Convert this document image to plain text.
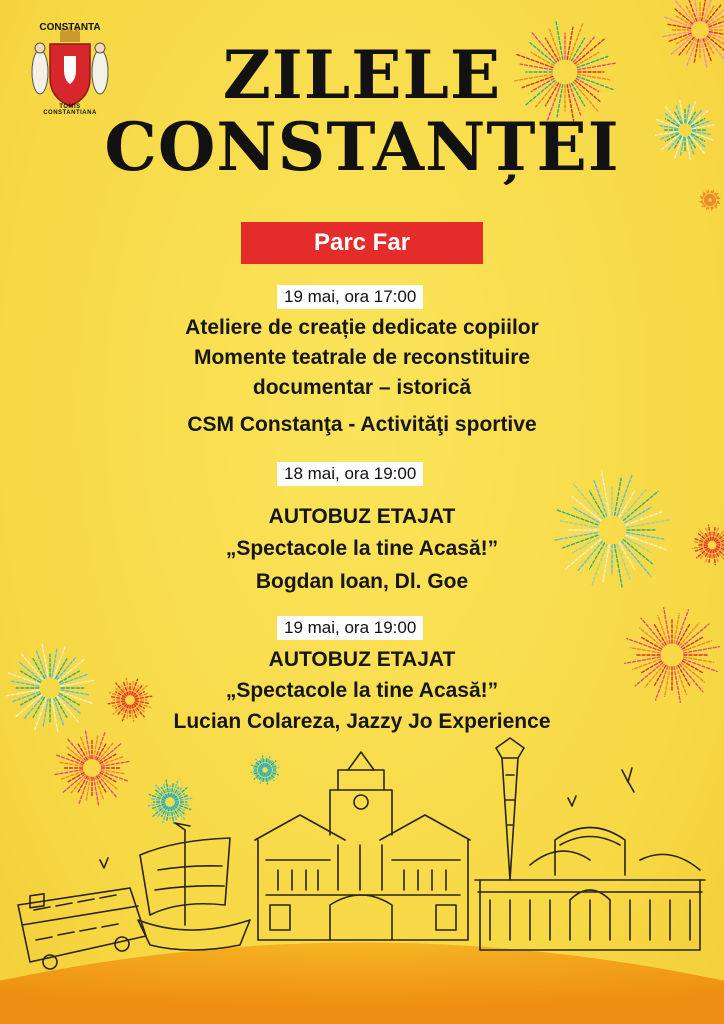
CONSTANTA
TOMIS
CONSTANTIANA	ZILELE
CONSTANȚEI
Parc Far
19 mai, ora 17:00
Ateliere de creație dedicate copiilor
Momente teatrale de reconstituire
documentar – istorică
CSM Constanţa - Activităţi sportive
18 mai, ora 19:00
AUTOBUZ ETAJAT
„Spectacole la tine Acasă!”
Bogdan Ioan, Dl. Goe
19 mai, ora 19:00
AUTOBUZ ETAJAT
„Spectacole la tine Acasă!”
Lucian Colareza, Jazzy Jo Experience
